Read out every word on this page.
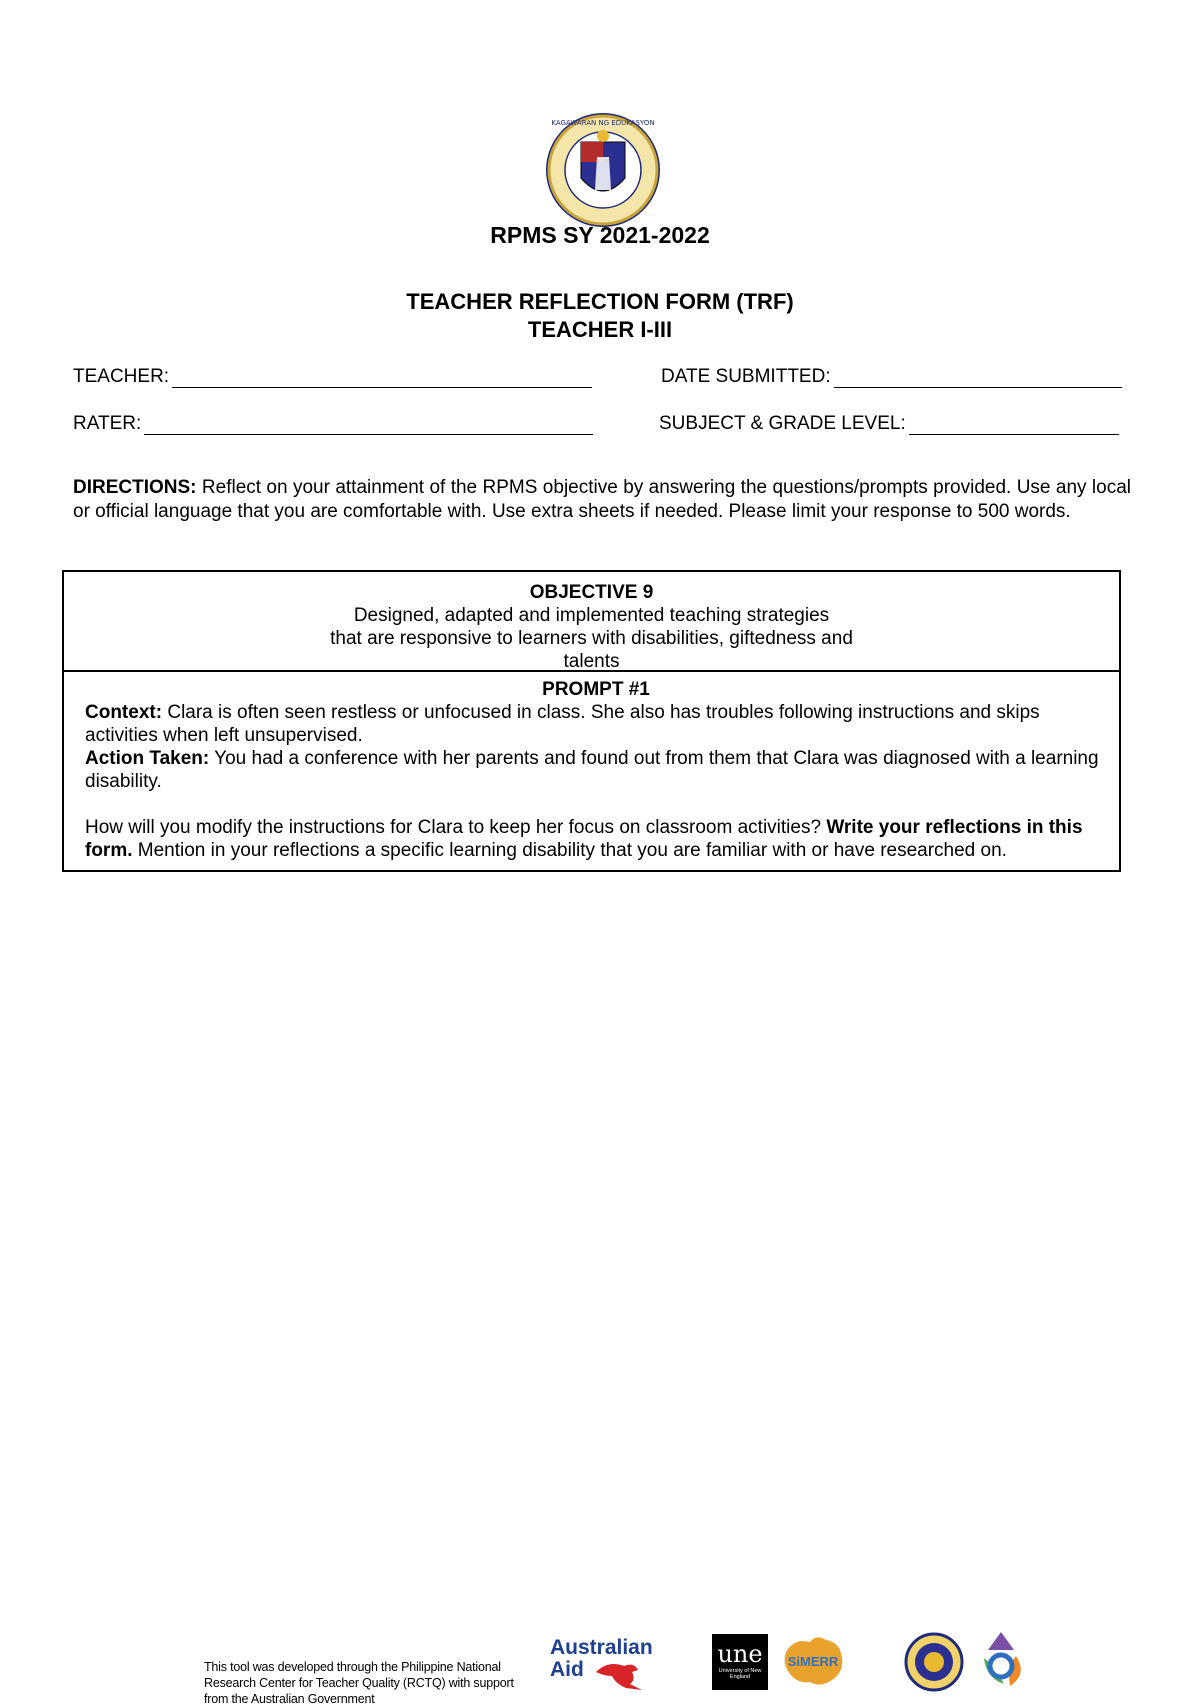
KAGAWARAN NG EDUKASYON
RPMS SY 2021-2022
TEACHER REFLECTION FORM (TRF)
TEACHER I-III
TEACHER:	DATE SUBMITTED:
RATER:	SUBJECT & GRADE LEVEL:
DIRECTIONS: Reflect on your attainment of the RPMS objective by answering the questions/prompts provided. Use any local or official language that you are comfortable with. Use extra sheets if needed. Please limit your response to 500 words.
OBJECTIVE 9
Designed, adapted and implemented teaching strategies
that are responsive to learners with disabilities, giftedness and
talents
PROMPT #1
Context: Clara is often seen restless or unfocused in class. She also has troubles following instructions and skips activities when left unsupervised.
Action Taken: You had a conference with her parents and found out from them that Clara was diagnosed with a learning disability.
How will you modify the instructions for Clara to keep her focus on classroom activities? Write your reflections in this form. Mention in your reflections a specific learning disability that you are familiar with or have researched on.
This tool was developed through the Philippine National Research Center for Teacher Quality (RCTQ) with support from the Australian Government
Australian
Aid
une
University of New England
SiMERR
